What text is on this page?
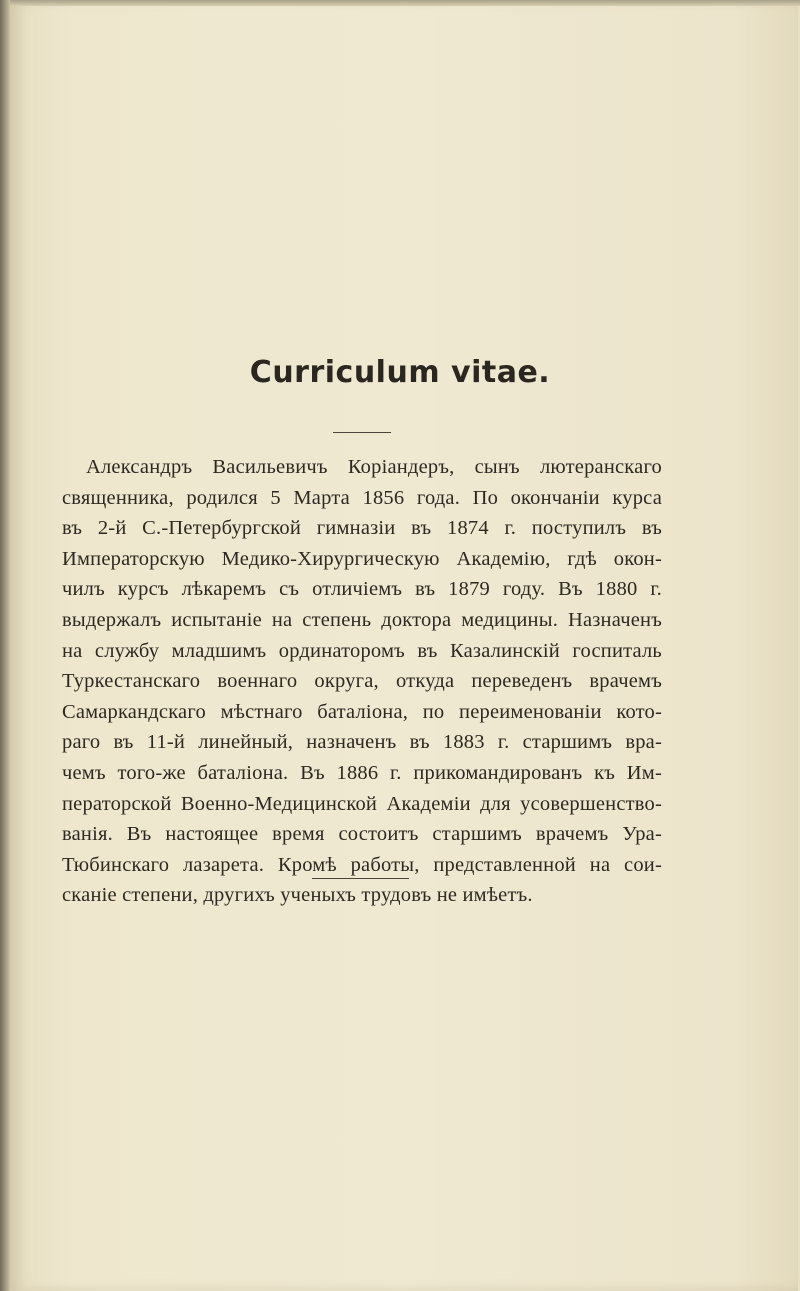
Curriculum vitae.
Александръ Васильевичъ Коріандеръ, сынъ лютеранскаго
священника, родился 5 Марта 1856 года. По окончаніи курса
въ 2-й С.-Петербургской гимназіи въ 1874 г. поступилъ въ
Императорскую Медико-Хирургическую Академію, гдѣ окон-
чилъ курсъ лѣкаремъ съ отличіемъ въ 1879 году. Въ 1880 г.
выдержалъ испытаніе на степень доктора медицины. Назначенъ
на службу младшимъ ординаторомъ въ Казалинскій госпиталь
Туркестанскаго военнаго округа, откуда переведенъ врачемъ
Самаркандскаго мѣстнаго баталіона, по переименованіи кото-
раго въ 11-й линейный, назначенъ въ 1883 г. старшимъ вра-
чемъ того-же баталіона. Въ 1886 г. прикомандированъ къ Им-
ператорской Военно-Медицинской Академіи для усовершенство-
ванія. Въ настоящее время состоитъ старшимъ врачемъ Ура-
Тюбинскаго лазарета. Кромѣ работы, представленной на сои-
сканіе степени, другихъ ученыхъ трудовъ не имѣетъ.
